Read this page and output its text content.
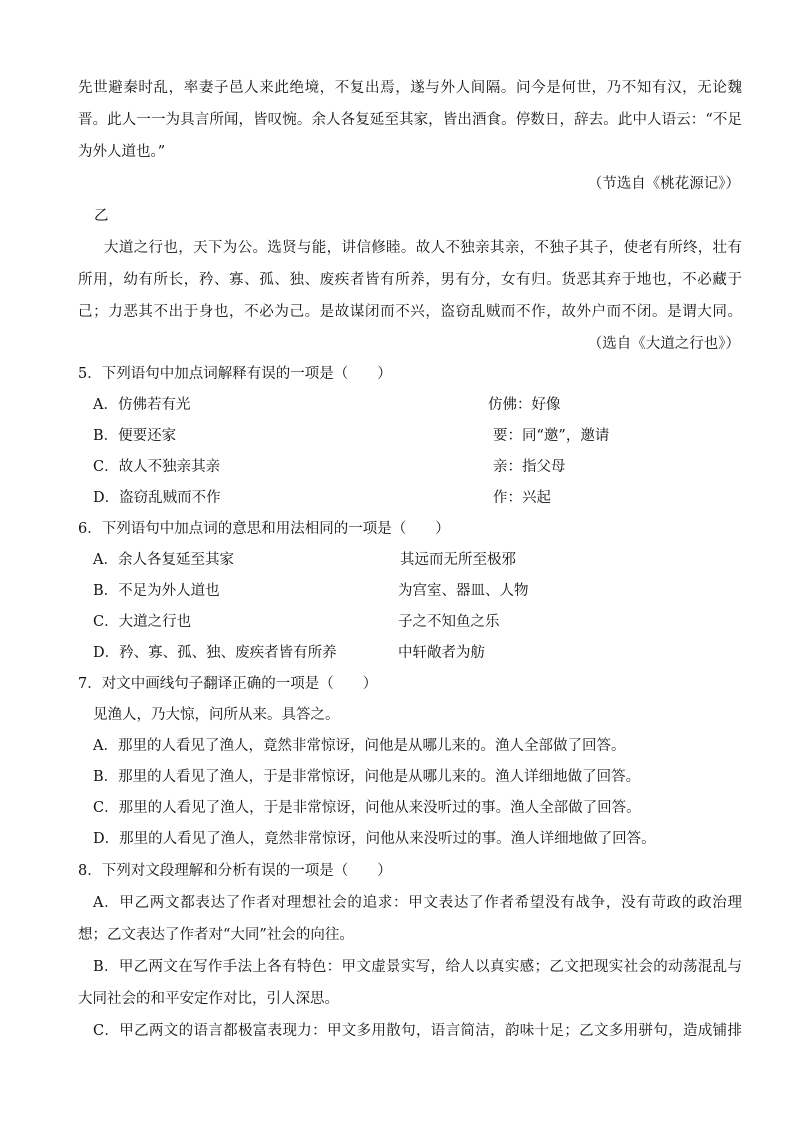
先世避秦时乱，率妻子邑人来此绝境，不复出焉，遂与外人间隔。问今是何世，乃不知有汉，无论魏
晋。此人一一为具言所闻，皆叹惋。余人各复延至其家，皆出酒食。停数日，辞去。此中人语云：“不足
为外人道也。”
（节选自《桃花源记》）
乙
大道之行也，天下为公。选贤与能，讲信修睦。故人不独亲其亲，不独子其子，使老有所终，壮有
所用，幼有所长，矜、寡、孤、独、废疾者皆有所养，男有分，女有归。货恶其弃于地也，不必藏于
己；力恶其不出于身也，不必为己。是故谋闭而不兴，盗窃乱贼而不作，故外户而不闭。是谓大同。
（选自《大道之行也》）
5．下列语句中加点词解释有误的一项是（　　）
A．仿佛若有光	仿佛：好像
B．便要还家	要：同“邀”，邀请
C．故人不独亲其亲	亲：指父母
D．盗窃乱贼而不作	作：兴起
6．下列语句中加点词的意思和用法相同的一项是（　　）
A．余人各复延至其家	其远而无所至极邪
B．不足为外人道也	为宫室、器皿、人物
C．大道之行也	子之不知鱼之乐
D．矜、寡、孤、独、废疾者皆有所养	中轩敞者为舫
7．对文中画线句子翻译正确的一项是（　　）
见渔人，乃大惊，问所从来。具答之。
A．那里的人看见了渔人，竟然非常惊讶，问他是从哪儿来的。渔人全部做了回答。
B．那里的人看见了渔人，于是非常惊讶，问他是从哪儿来的。渔人详细地做了回答。
C．那里的人看见了渔人，于是非常惊讶，问他从来没听过的事。渔人全部做了回答。
D．那里的人看见了渔人，竟然非常惊讶，问他从来没听过的事。渔人详细地做了回答。
8．下列对文段理解和分析有误的一项是（　　）
A．甲乙两文都表达了作者对理想社会的追求：甲文表达了作者希望没有战争，没有苛政的政治理
想；乙文表达了作者对“大同”社会的向往。
B．甲乙两文在写作手法上各有特色：甲文虚景实写，给人以真实感；乙文把现实社会的动荡混乱与
大同社会的和平安定作对比，引人深思。
C．甲乙两文的语言都极富表现力：甲文多用散句，语言简洁，韵味十足；乙文多用骈句，造成铺排
